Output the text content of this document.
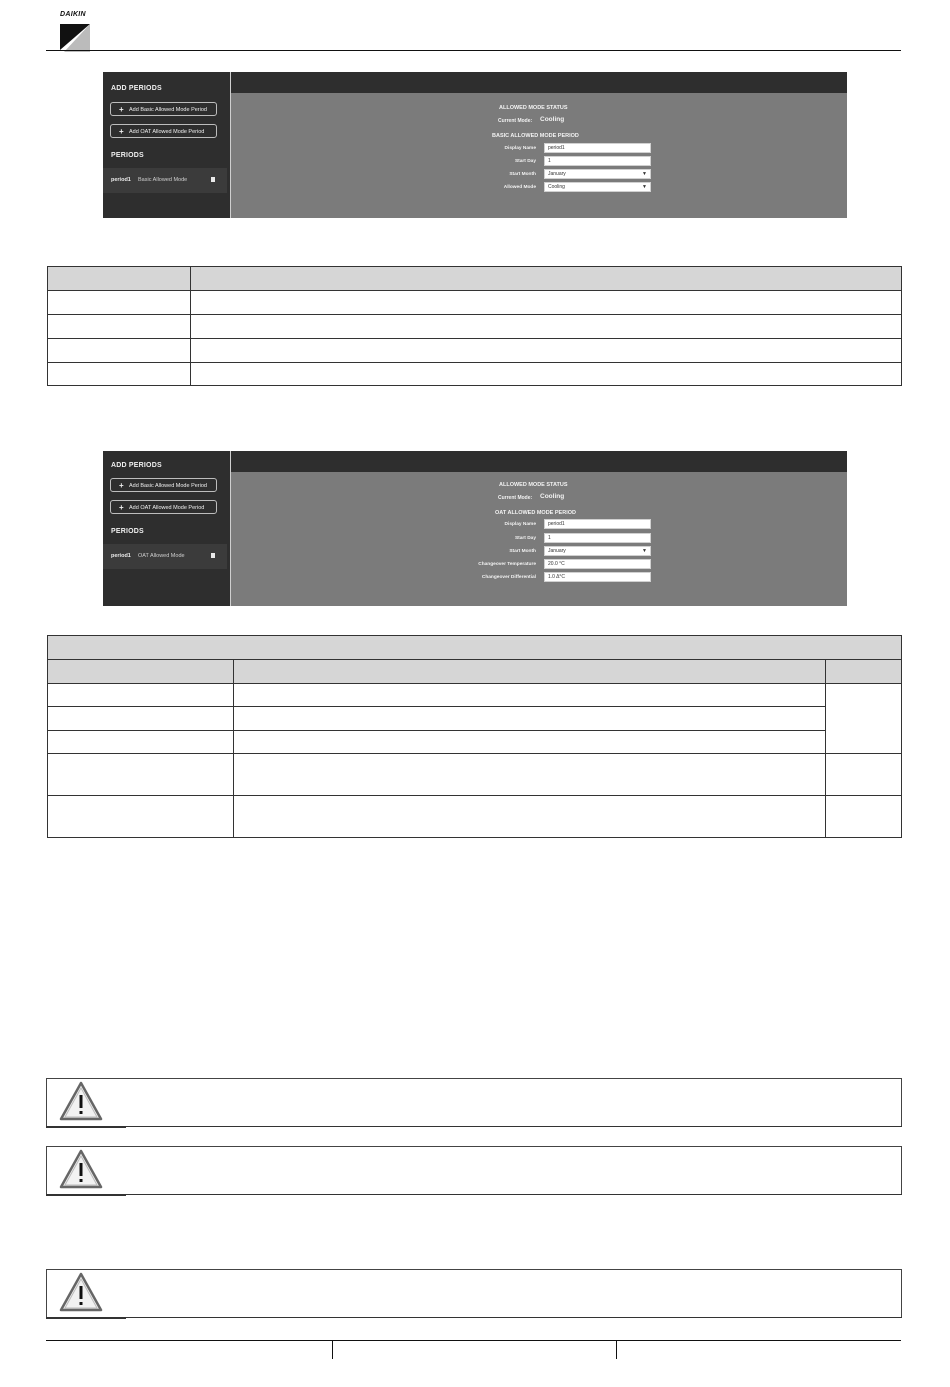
DAIKIN
ADD PERIODS
+ Add Basic Allowed Mode Period
+ Add OAT Allowed Mode Period
PERIODS
period1 Basic Allowed Mode
ALLOWED MODE STATUS
Current Mode: Cooling
BASIC ALLOWED MODE PERIOD
Display Name	period1
Start Day	1
Start Month	January	▼
Allowed Mode	Cooling	▼
ADD PERIODS
+ Add Basic Allowed Mode Period
+ Add OAT Allowed Mode Period
PERIODS
period1 OAT Allowed Mode
ALLOWED MODE STATUS
Current Mode: Cooling
OAT ALLOWED MODE PERIOD
Display Name	period1
Start Day	1
Start Month	January	▼
Changeover Temperature	20.0 °C
Changeover Differential	1.0 Δ°C
